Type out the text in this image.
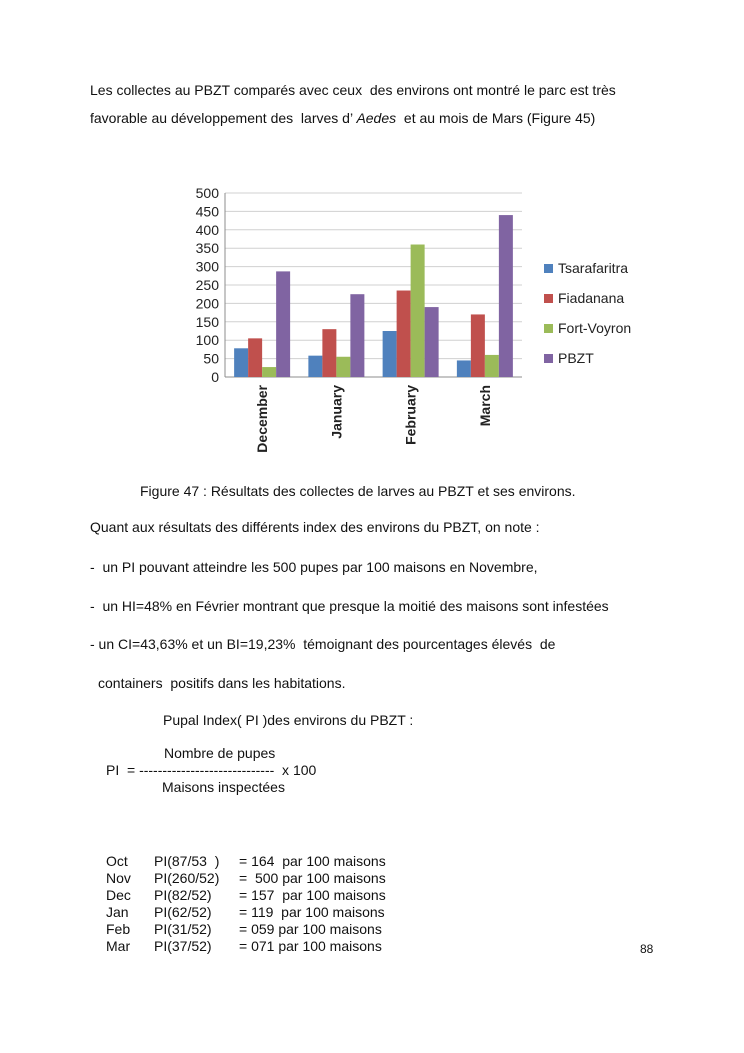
Les collectes au PBZT comparés avec ceux  des environs ont montré le parc est très
favorable au développement des  larves d’ Aedes  et au mois de Mars (Figure 45)
0
50
100
150
200
250
300
350
400
450
500
December	January	February	March
Tsarafaritra
Fiadanana
Fort-Voyron
PBZT
Figure 47 : Résultats des collectes de larves au PBZT et ses environs.
Quant aux résultats des différents index des environs du PBZT, on note :
-  un PI pouvant atteindre les 500 pupes par 100 maisons en Novembre,
-  un HI=48% en Février montrant que presque la moitié des maisons sont infestées
- un CI=43,63% et un BI=19,23%  témoignant des pourcentages élevés  de
containers  positifs dans les habitations.
Pupal Index( PI )des environs du PBZT :
Nombre de pupes
PI  = -----------------------------  x 100
Maisons inspectées
Oct PI(87/53  ) = 164  par 100 maisons
Nov PI(260/52) =  500 par 100 maisons
Dec PI(82/52) = 157  par 100 maisons
Jan PI(62/52) = 119  par 100 maisons
Feb PI(31/52) = 059 par 100 maisons
Mar PI(37/52) = 071 par 100 maisons	88
